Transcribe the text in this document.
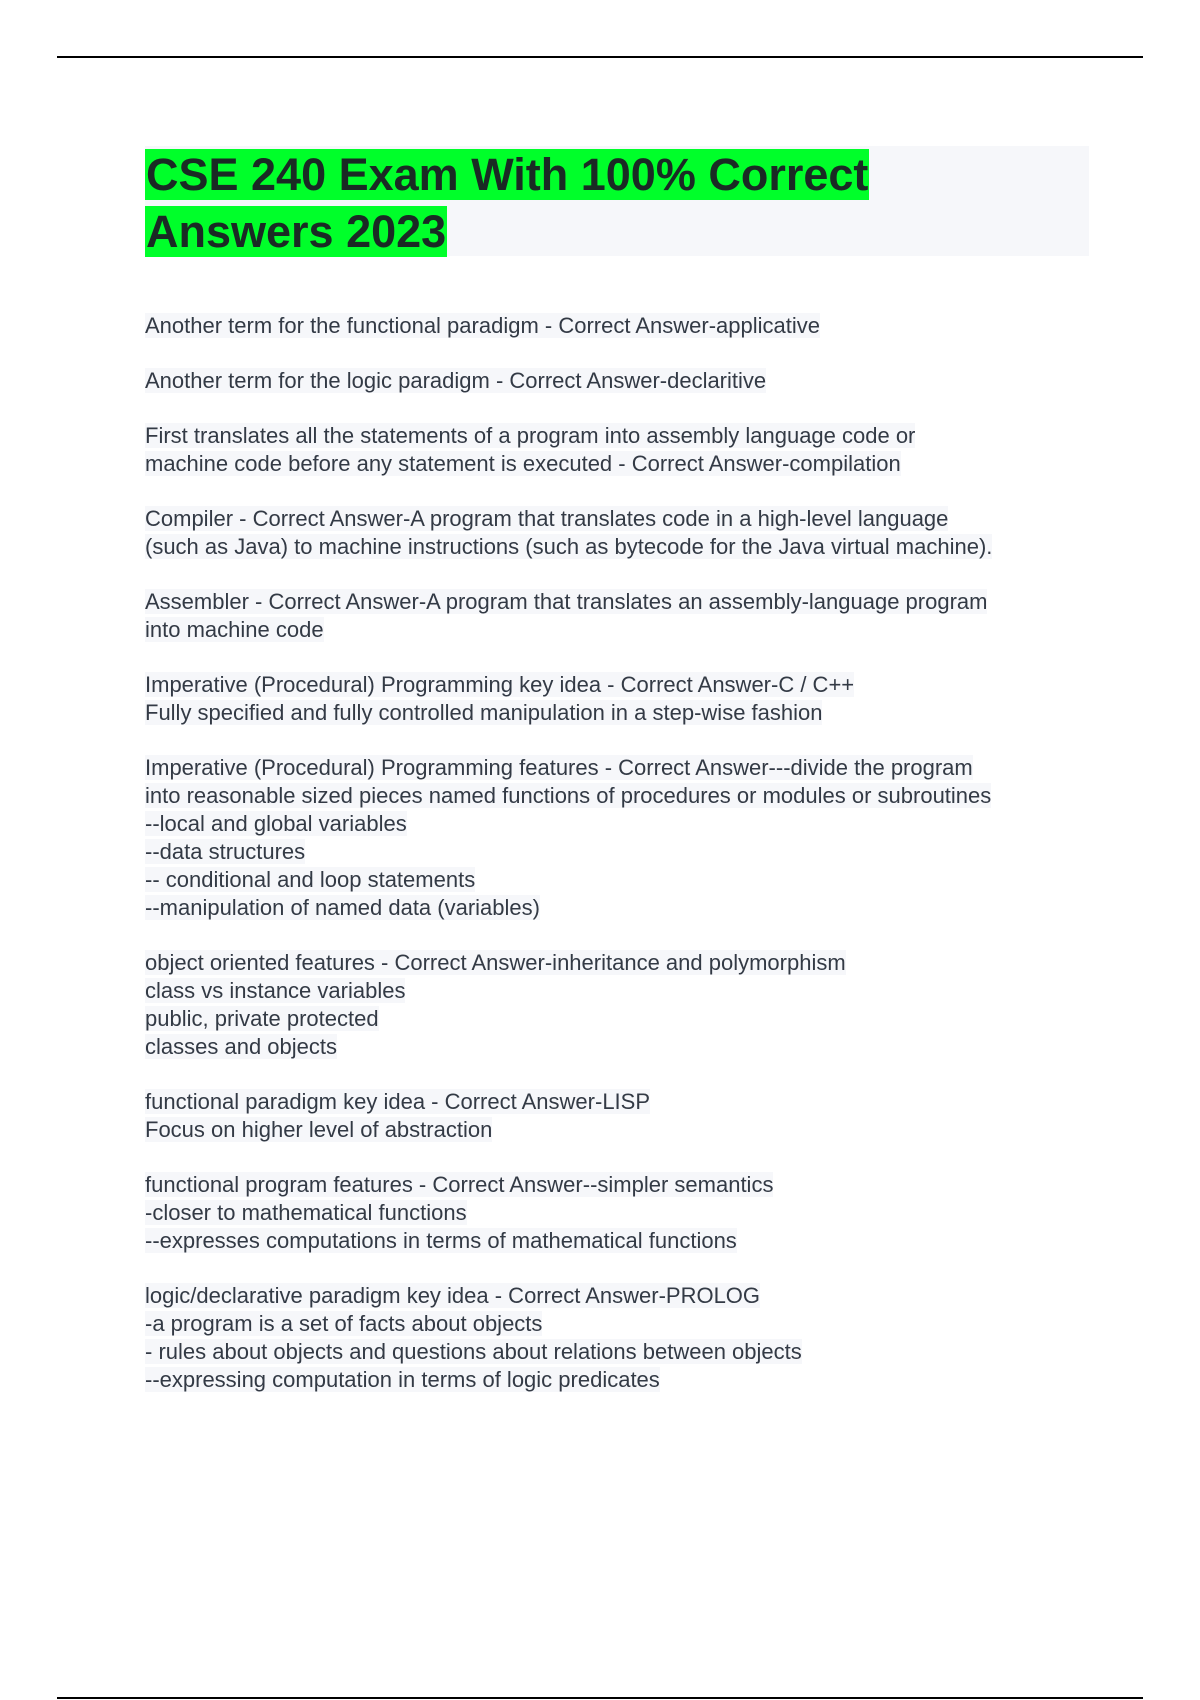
CSE 240 Exam With 100% Correct
Answers 2023

Another term for the functional paradigm - Correct Answer-applicative

Another term for the logic paradigm - Correct Answer-declaritive

First translates all the statements of a program into assembly language code or
machine code before any statement is executed - Correct Answer-compilation

Compiler - Correct Answer-A program that translates code in a high-level language
(such as Java) to machine instructions (such as bytecode for the Java virtual machine).

Assembler - Correct Answer-A program that translates an assembly-language program
into machine code

Imperative (Procedural) Programming key idea - Correct Answer-C / C++
Fully specified and fully controlled manipulation in a step-wise fashion

Imperative (Procedural) Programming features - Correct Answer---divide the program
into reasonable sized pieces named functions of procedures or modules or subroutines
--local and global variables
--data structures
-- conditional and loop statements
--manipulation of named data (variables)

object oriented features - Correct Answer-inheritance and polymorphism
class vs instance variables
public, private protected
classes and objects

functional paradigm key idea - Correct Answer-LISP
Focus on higher level of abstraction

functional program features - Correct Answer--simpler semantics
-closer to mathematical functions
--expresses computations in terms of mathematical functions

logic/declarative paradigm key idea - Correct Answer-PROLOG
-a program is a set of facts about objects
- rules about objects and questions about relations between objects
--expressing computation in terms of logic predicates
